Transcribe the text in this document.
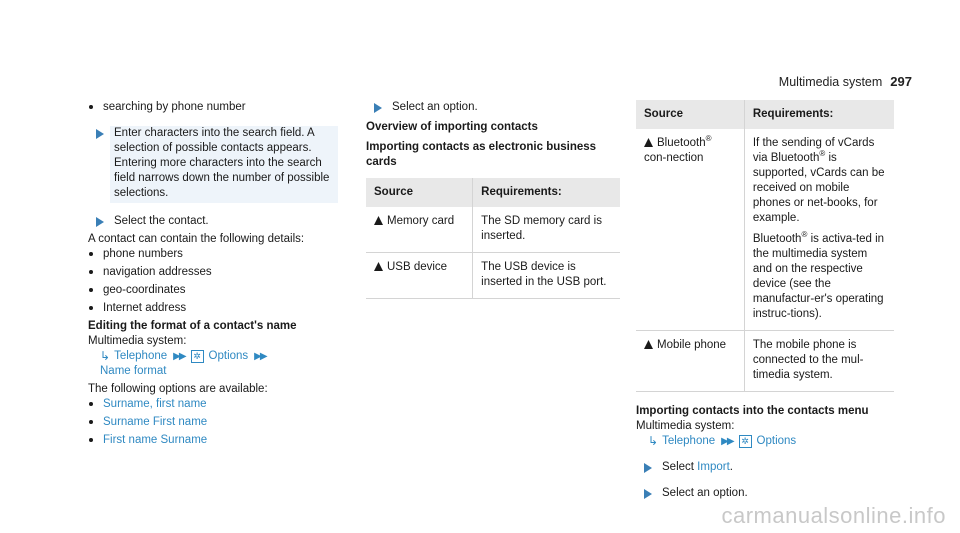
Multimedia system 297
searching by phone number
Enter characters into the search field. A selection of possible contacts appears. Entering more characters into the search field narrows down the number of possible selections.
Select the contact.
A contact can contain the following details:
phone numbers
navigation addresses
geo-coordinates
Internet address
Editing the format of a contact's name
Multimedia system:
↳ Telephone ▶▶ ✲ Options ▶▶
Name format
The following options are available:
Surname, first name
Surname First name
First name Surname
Select an option.
Overview of importing contacts
Importing contacts as electronic business cards
Source	Requirements:
Memory card	The SD memory card is inserted.
USB device	The USB device is inserted in the USB port.
Source	Requirements:
Bluetooth® con-nection	If the sending of vCards via Bluetooth® is supported, vCards can be received on mobile phones or net-books, for example.
Bluetooth® is activa-ted in the multimedia system and on the respective device (see the manufactur-er's operating instruc-tions).

Mobile phone	The mobile phone is connected to the mul-timedia system.
Importing contacts into the contacts menu
Multimedia system:
↳ Telephone ▶▶ ✲ Options
Select Import.
Select an option.
carmanualsonline.info
